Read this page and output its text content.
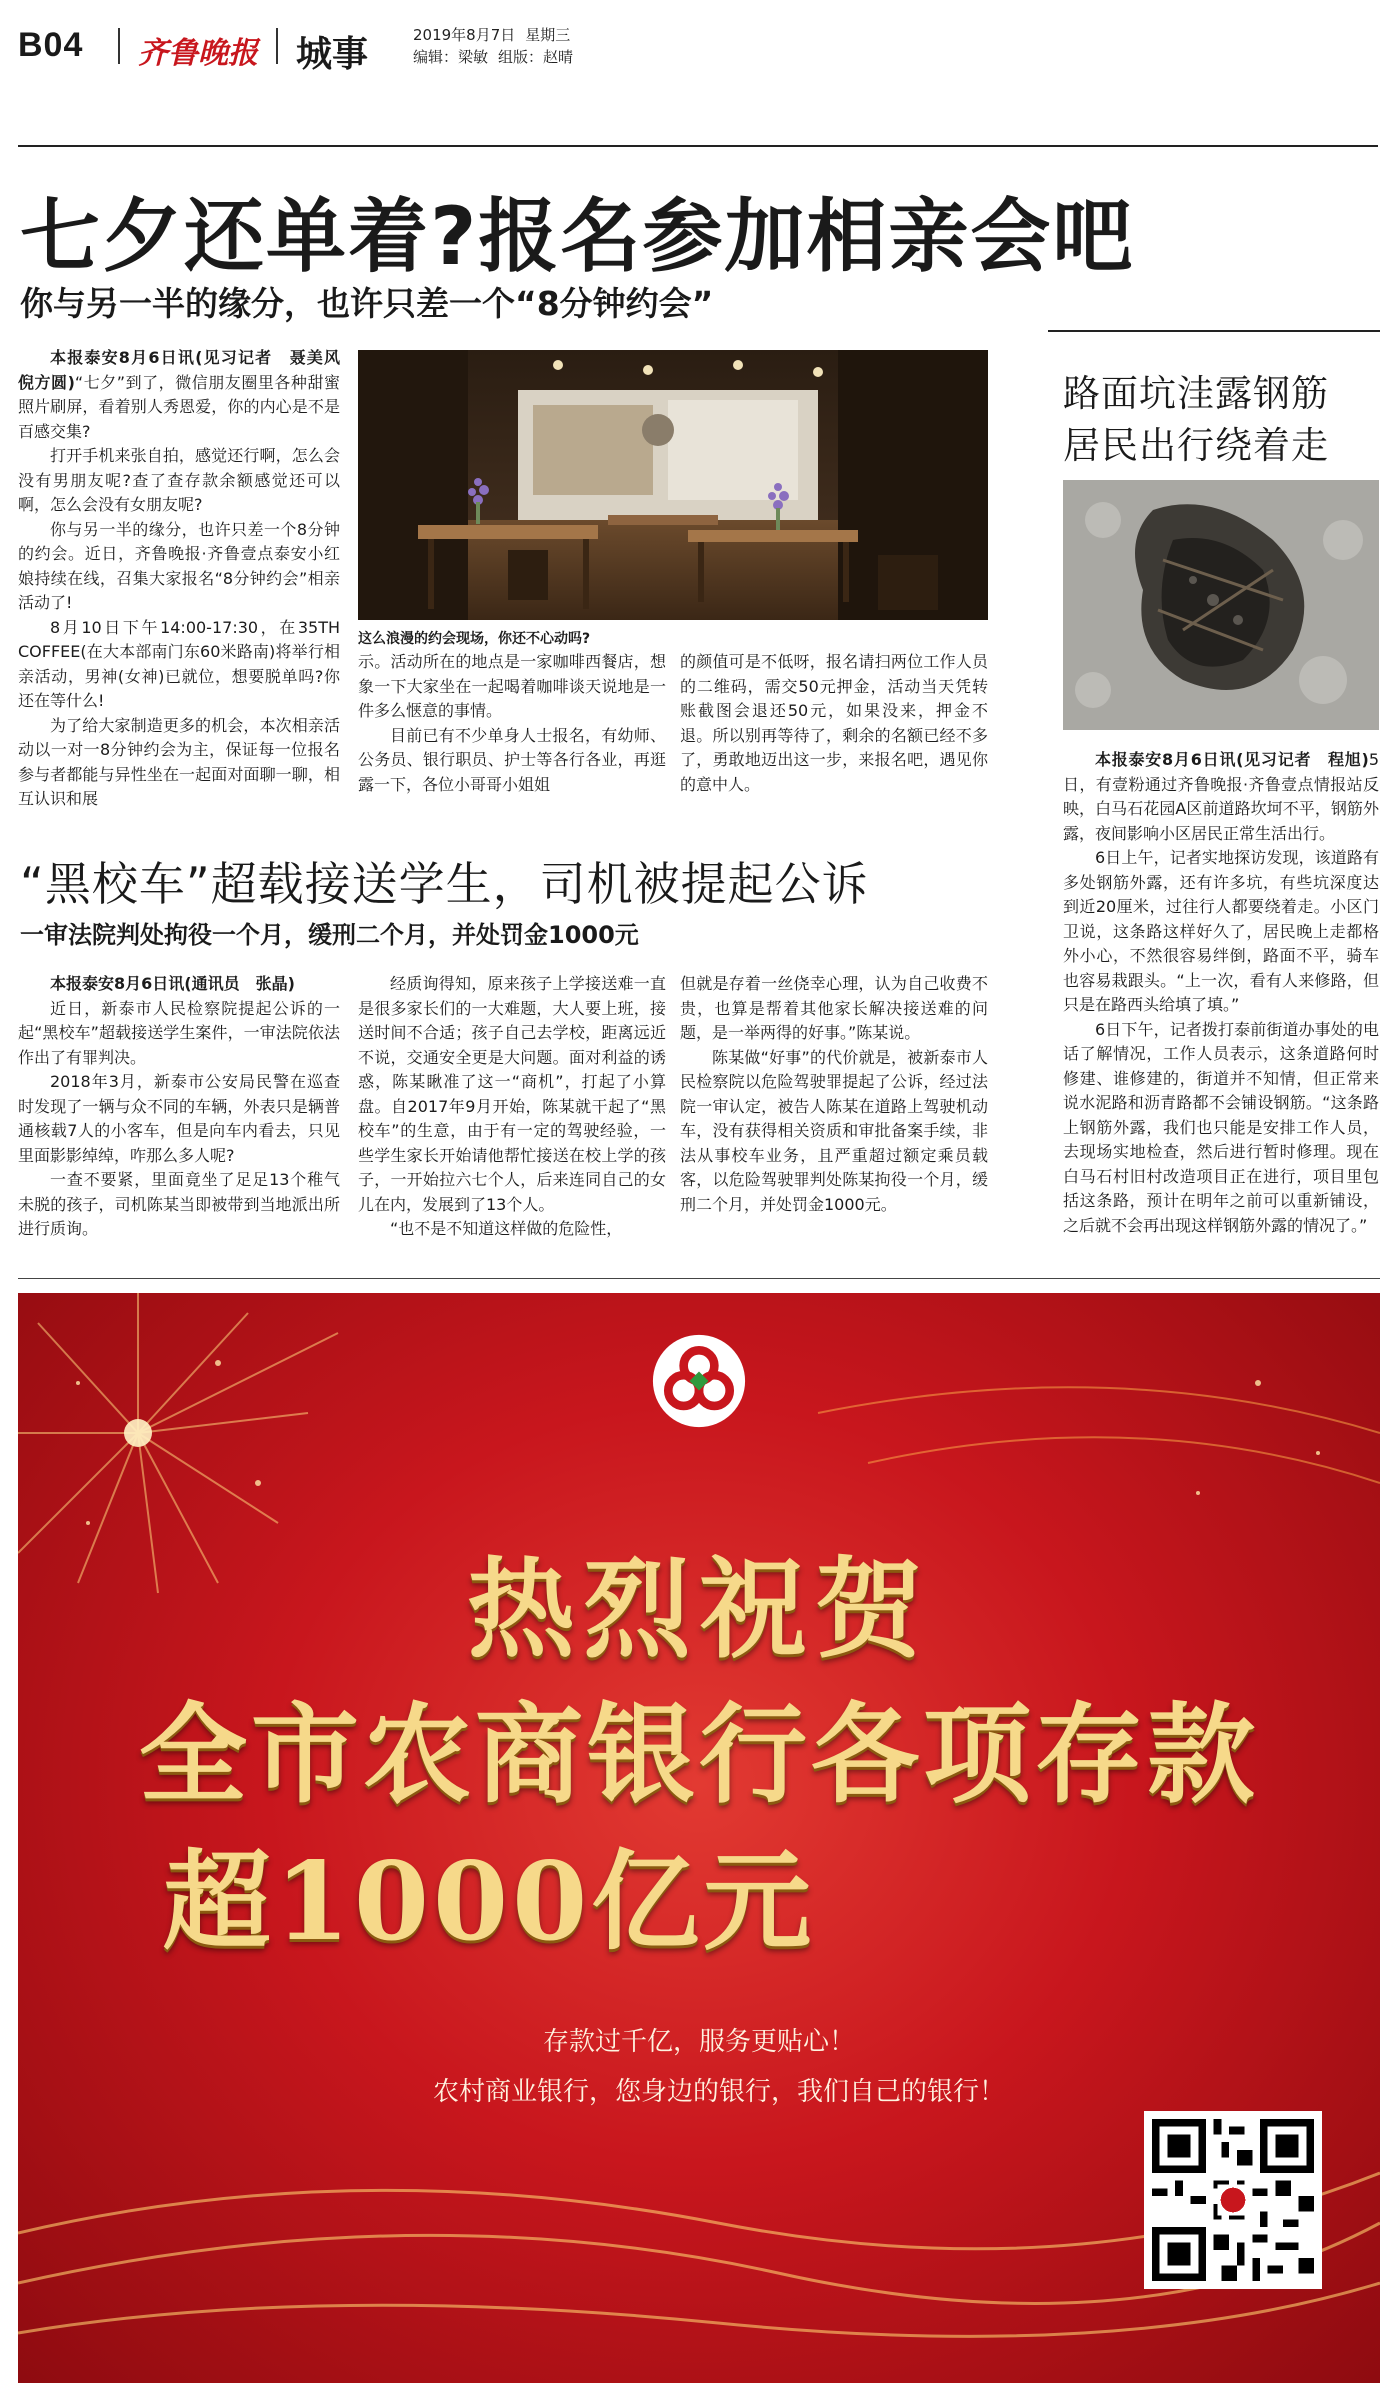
B04 齐鲁晚报 城事	2019年8月7日 星期三
编辑：梁敏 组版：赵晴
七夕还单着?报名参加相亲会吧
你与另一半的缘分，也许只差一个“8分钟约会”

本报泰安8月6日讯(见习记者　聂美风　倪方圆)“七夕”到了，微信朋友圈里各种甜蜜照片刷屏，看着别人秀恩爱，你的内心是不是百感交集?

打开手机来张自拍，感觉还行啊，怎么会没有男朋友呢?查了查存款余额感觉还可以啊，怎么会没有女朋友呢?

你与另一半的缘分，也许只差一个8分钟的约会。近日，齐鲁晚报·齐鲁壹点泰安小红娘持续在线，召集大家报名“8分钟约会”相亲活动了!

8月10日下午14:00-17:30，在35TH COFFEE(在大本部南门东60米路南)将举行相亲活动，男神(女神)已就位，想要脱单吗?你还在等什么!

为了给大家制造更多的机会，本次相亲活动以一对一8分钟约会为主，保证每一位报名参与者都能与异性坐在一起面对面聊一聊，相互认识和展

这么浪漫的约会现场，你还不心动吗?

示。活动所在的地点是一家咖啡西餐店，想象一下大家坐在一起喝着咖啡谈天说地是一件多么惬意的事情。

目前已有不少单身人士报名，有幼师、公务员、银行职员、护士等各行各业，再逛露一下，各位小哥哥小姐姐

的颜值可是不低呀，报名请扫两位工作人员的二维码，需交50元押金，活动当天凭转账截图会退还50元，如果没来，押金不退。所以别再等待了，剩余的名额已经不多了，勇敢地迈出这一步，来报名吧，遇见你的意中人。

路面坑洼露钢筋
居民出行绕着走

本报泰安8月6日讯(见习记者　程旭)5日，有壹粉通过齐鲁晚报·齐鲁壹点情报站反映，白马石花园A区前道路坎坷不平，钢筋外露，夜间影响小区居民正常生活出行。

6日上午，记者实地探访发现，该道路有多处钢筋外露，还有许多坑，有些坑深度达到近20厘米，过往行人都要绕着走。小区门卫说，这条路这样好久了，居民晚上走都格外小心，不然很容易绊倒，路面不平，骑车也容易栽跟头。“上一次，看有人来修路，但只是在路西头给填了填。”

6日下午，记者拨打泰前街道办事处的电话了解情况，工作人员表示，这条道路何时修建、谁修建的，街道并不知情，但正常来说水泥路和沥青路都不会铺设钢筋。“这条路上钢筋外露，我们也只能是安排工作人员，去现场实地检查，然后进行暂时修理。现在白马石村旧村改造项目正在进行，项目里包括这条路，预计在明年之前可以重新铺设，之后就不会再出现这样钢筋外露的情况了。”

“黑校车”超载接送学生，司机被提起公诉
一审法院判处拘役一个月，缓刑二个月，并处罚金1000元

本报泰安8月6日讯(通讯员　张晶)

近日，新泰市人民检察院提起公诉的一起“黑校车”超载接送学生案件，一审法院依法作出了有罪判决。

2018年3月，新泰市公安局民警在巡查时发现了一辆与众不同的车辆，外表只是辆普通核载7人的小客车，但是向车内看去，只见里面影影绰绰，咋那么多人呢?

一查不要紧，里面竟坐了足足13个稚气未脱的孩子，司机陈某当即被带到当地派出所进行质询。

经质询得知，原来孩子上学接送难一直是很多家长们的一大难题，大人要上班，接送时间不合适；孩子自己去学校，距离远近不说，交通安全更是大问题。面对利益的诱惑，陈某瞅准了这一“商机”，打起了小算盘。自2017年9月开始，陈某就干起了“黑校车”的生意，由于有一定的驾驶经验，一些学生家长开始请他帮忙接送在校上学的孩子，一开始拉六七个人，后来连同自己的女儿在内，发展到了13个人。

“也不是不知道这样做的危险性，

但就是存着一丝侥幸心理，认为自己收费不贵，也算是帮着其他家长解决接送难的问题，是一举两得的好事。”陈某说。

陈某做“好事”的代价就是，被新泰市人民检察院以危险驾驶罪提起了公诉，经过法院一审认定，被告人陈某在道路上驾驶机动车，没有获得相关资质和审批备案手续，非法从事校车业务，且严重超过额定乘员载客，以危险驾驶罪判处陈某拘役一个月，缓刑二个月，并处罚金1000元。

热烈祝贺
全市农商银行各项存款
超1000亿元
存款过千亿，服务更贴心！
农村商业银行，您身边的银行，我们自己的银行！
